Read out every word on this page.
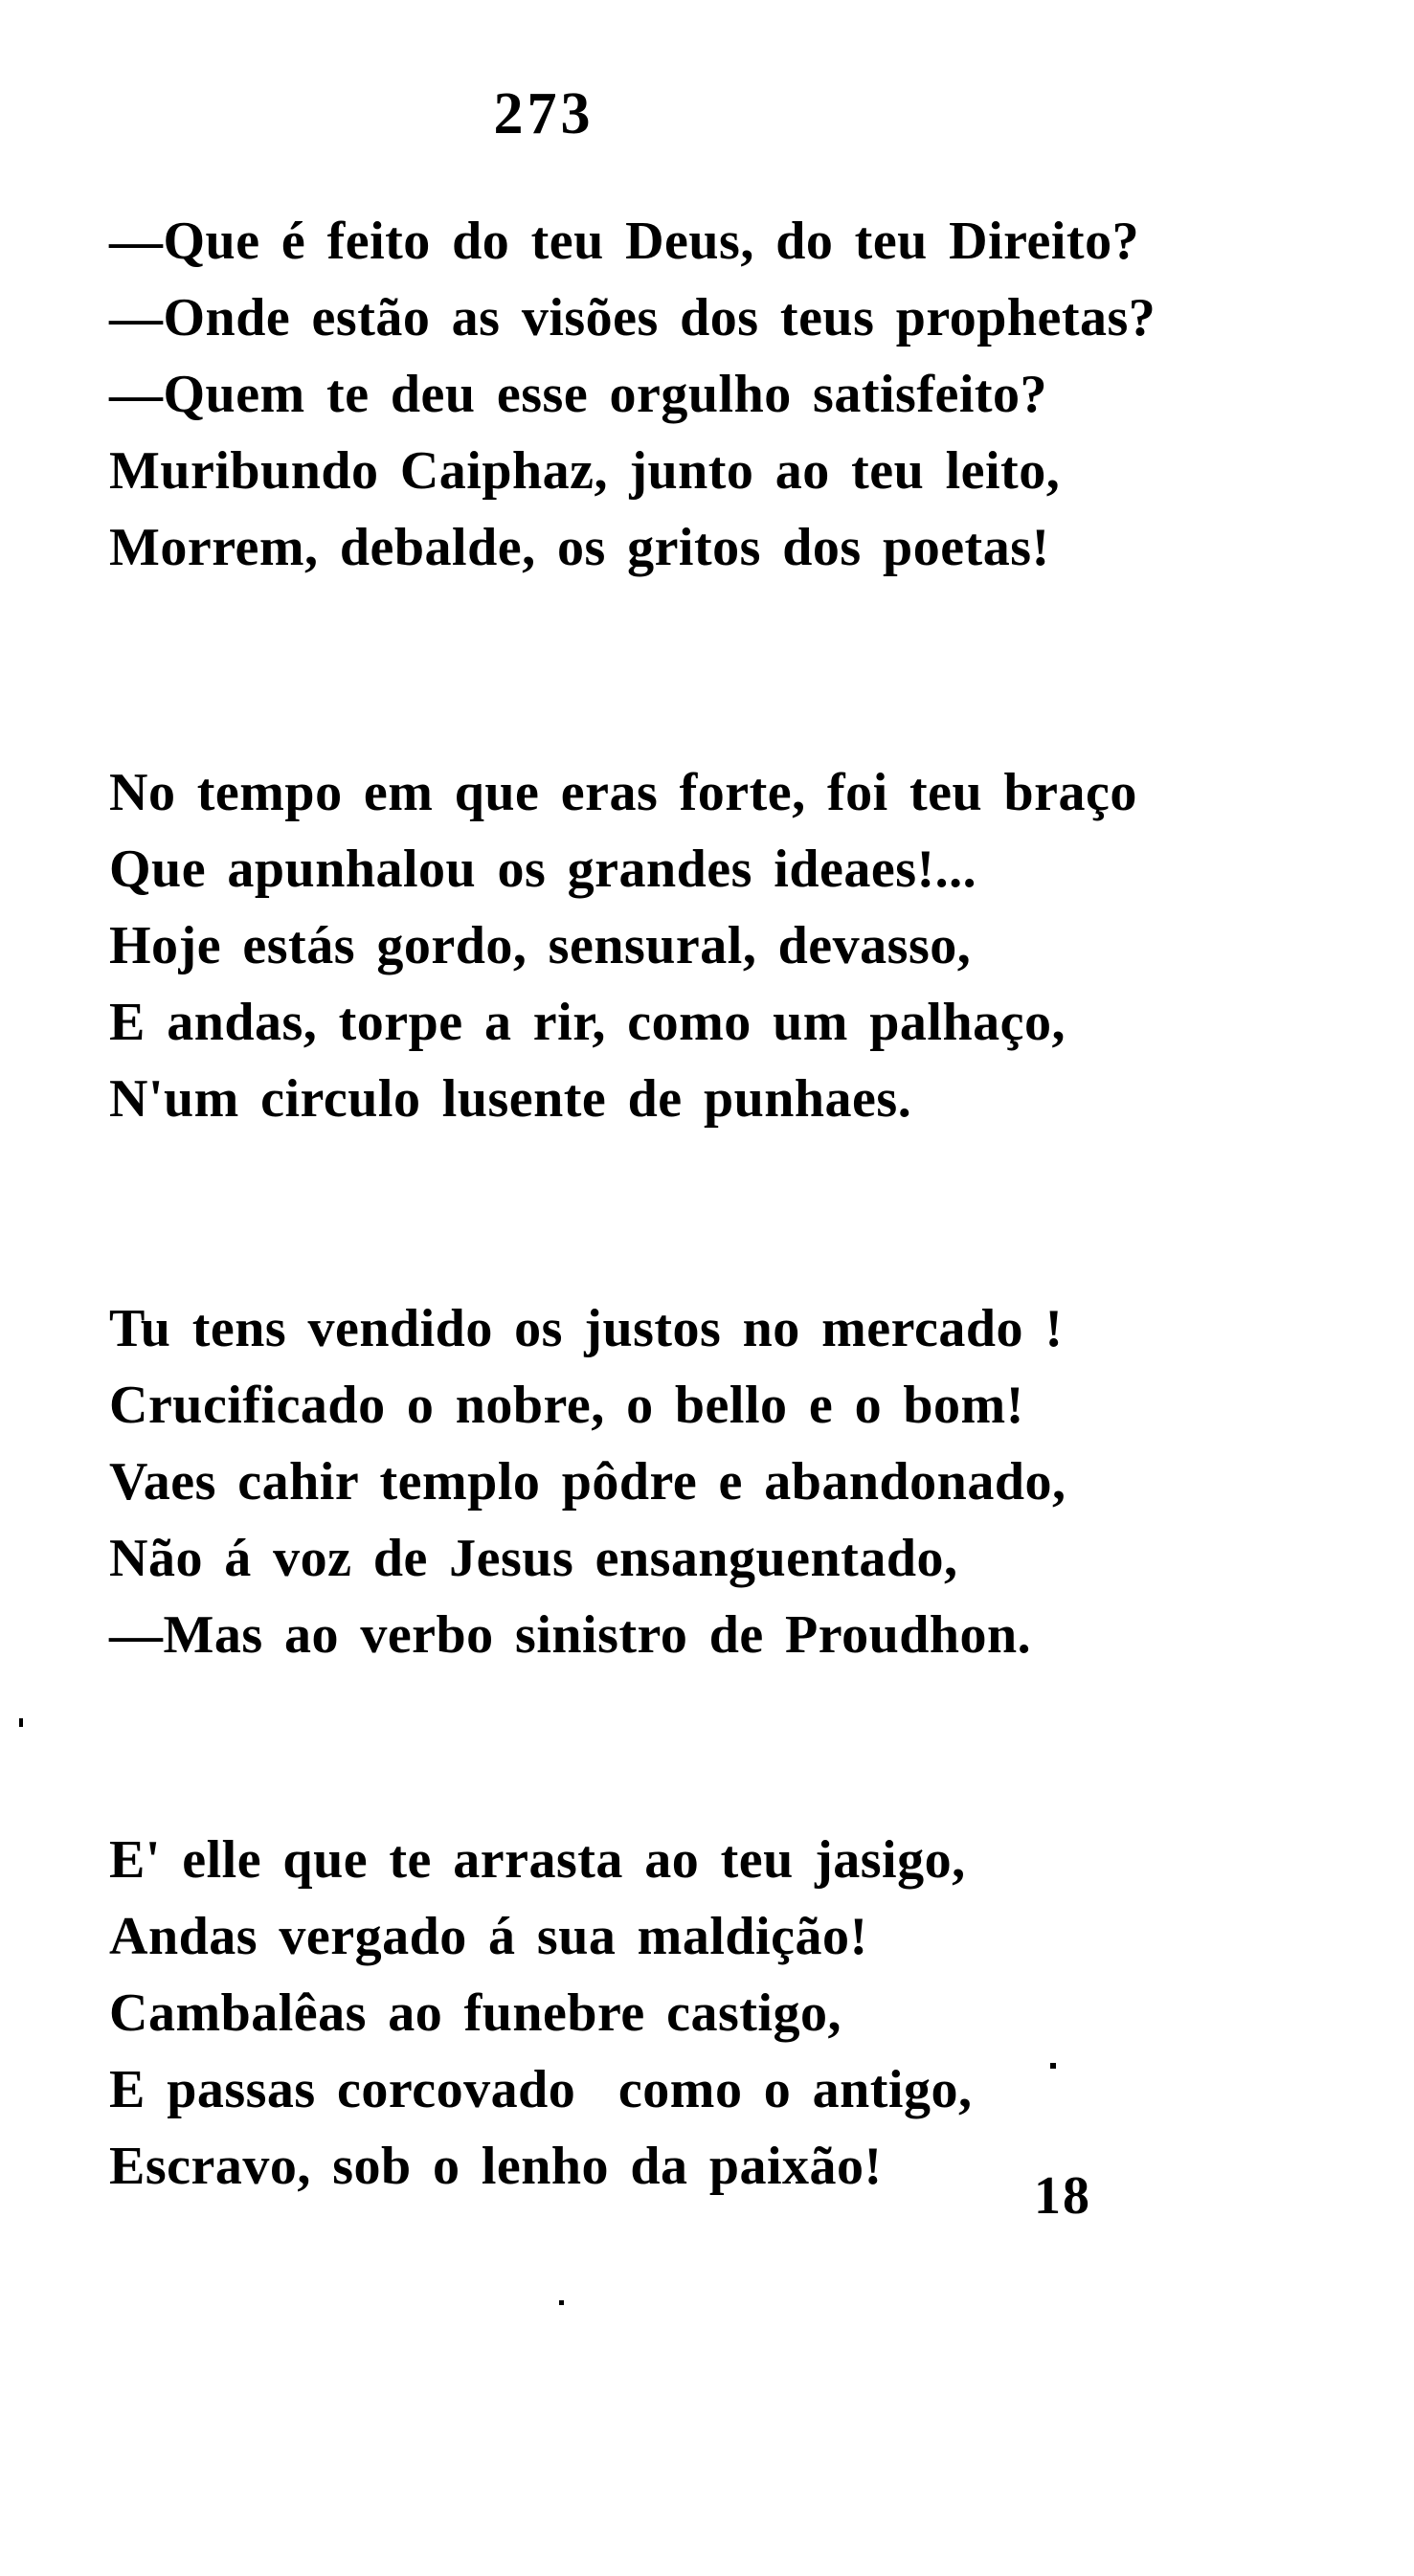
273

—Que é feito do teu Deus, do teu Direito?

—Onde estão as visões dos teus prophetas?

—Quem te deu esse orgulho satisfeito?

Muribundo Caiphaz, junto ao teu leito,

Morrem, debalde, os gritos dos poetas!

No tempo em que eras forte, foi teu braço

Que apunhalou os grandes ideaes!...

Hoje estás gordo, sensural, devasso,

E andas, torpe a rir, como um palhaço,

N'um circulo lusente de punhaes.

Tu tens vendido os justos no mercado !

Crucificado o nobre, o bello e o bom!

Vaes cahir templo pôdre e abandonado,

Não á voz de Jesus ensanguentado,

—Mas ao verbo sinistro de Proudhon.

E' elle que te arrasta ao teu jasigo,

Andas vergado á sua maldição!

Cambalêas ao funebre castigo,

E passas corcovado  como o antigo,

Escravo, sob o lenho da paixão!	18
